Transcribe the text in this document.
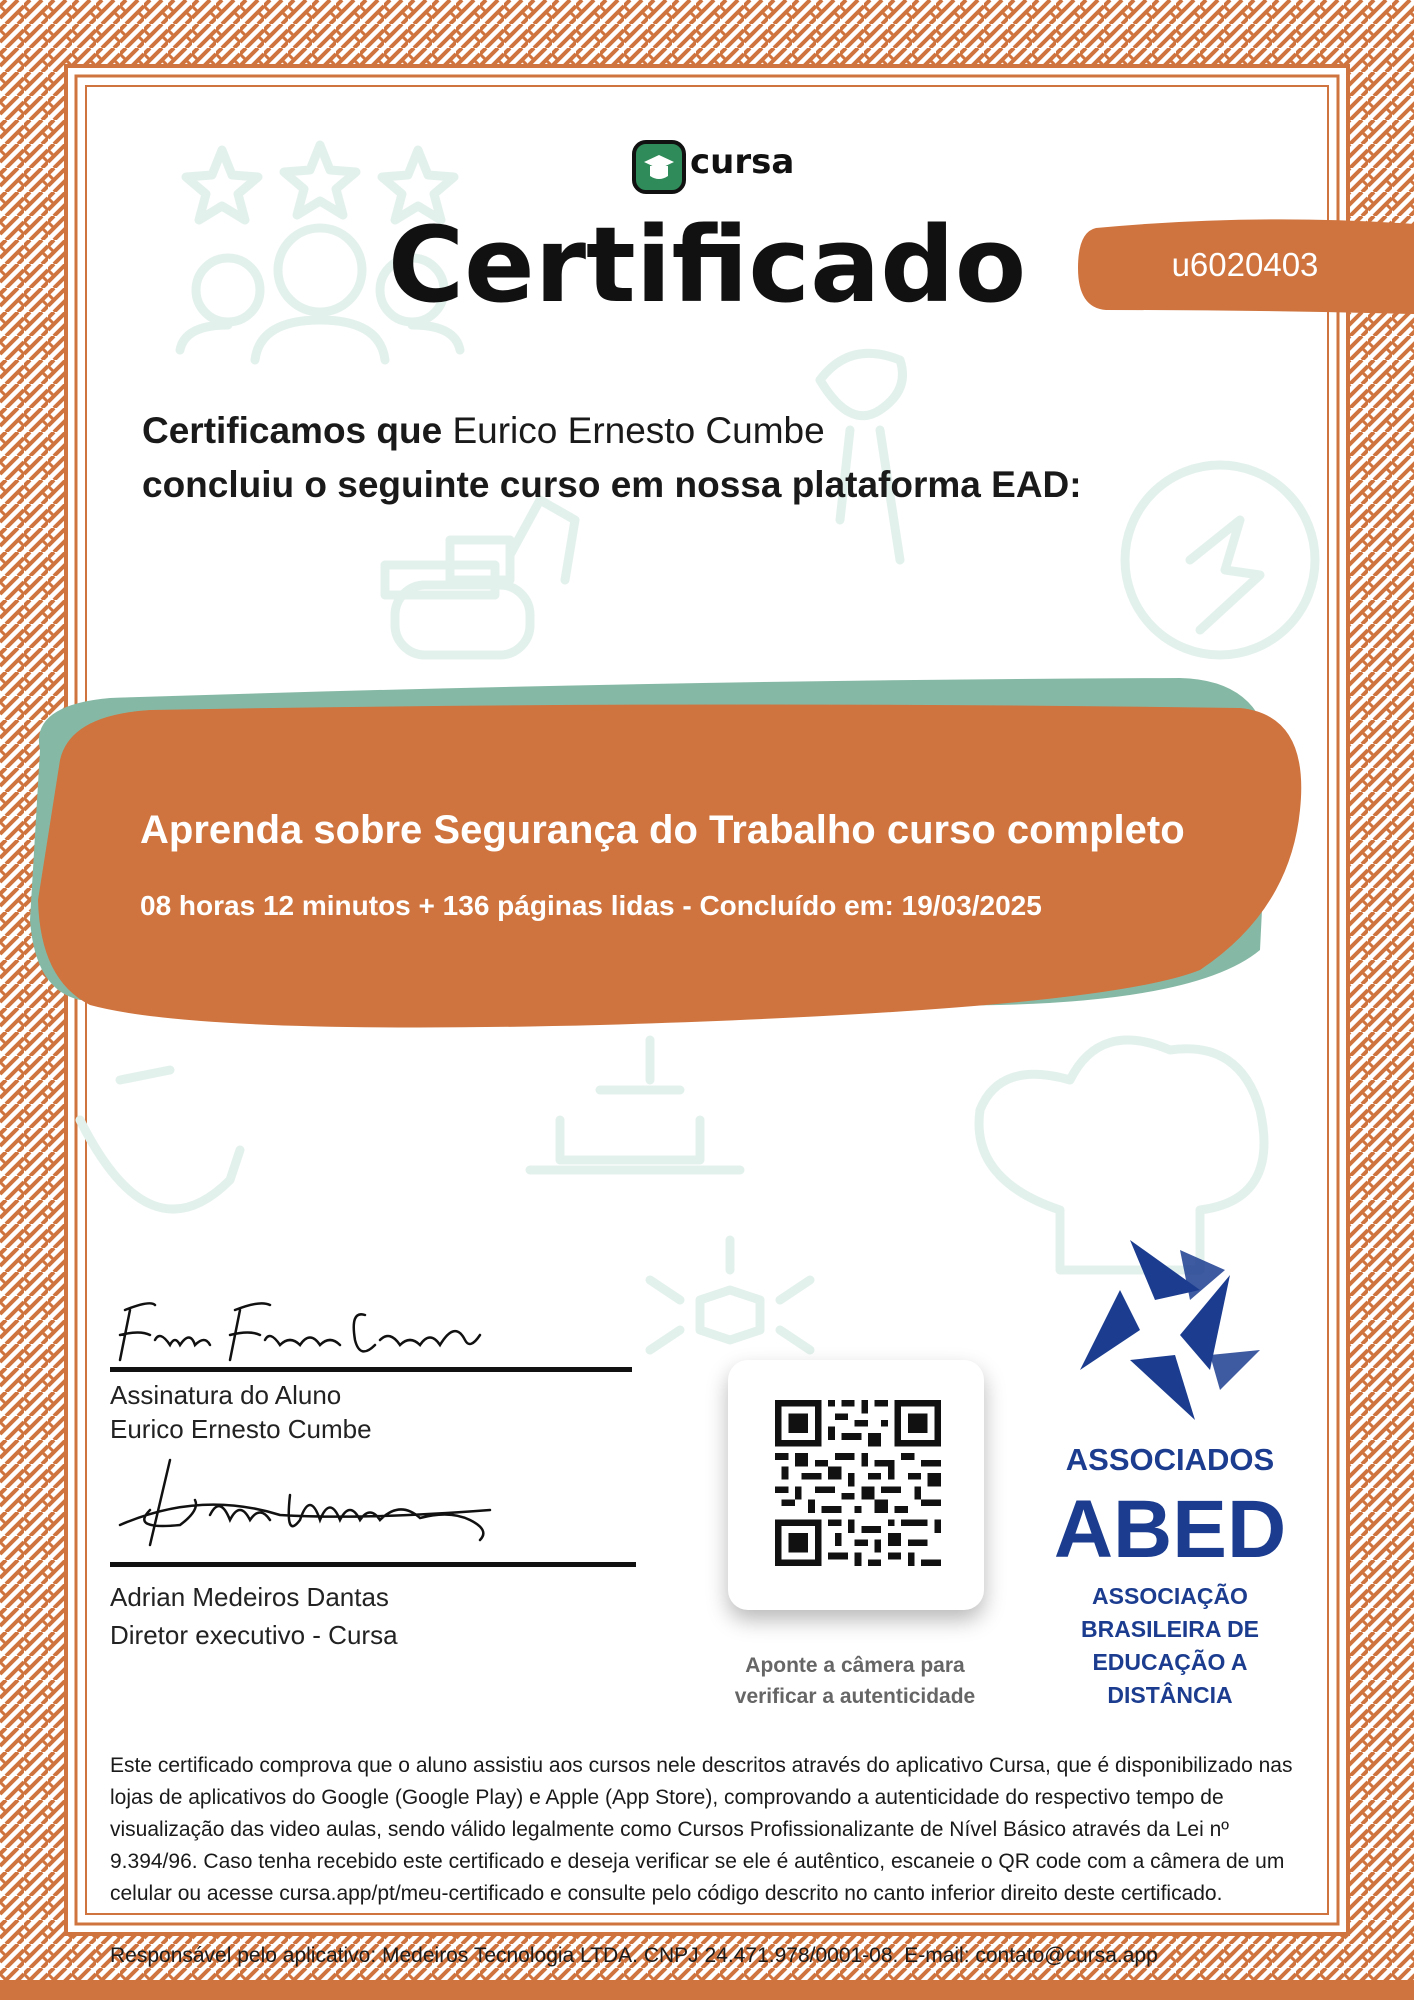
cursa
Certificado	u6020403
Certificamos que Eurico Ernesto Cumbe
concluiu o seguinte curso em nossa plataforma EAD:
Aprenda sobre Segurança do Trabalho curso completo
08 horas 12 minutos + 136 páginas lidas - Concluído em: 19/03/2025
Assinatura do Aluno
Eurico Ernesto Cumbe
Adrian Medeiros Dantas
Diretor executivo - Cursa
Aponte a câmera para
verificar a autenticidade
ASSOCIADOS
ABED
ASSOCIAÇÃO
BRASILEIRA DE
EDUCAÇÃO A
DISTÂNCIA
Este certificado comprova que o aluno assistiu aos cursos nele descritos através do aplicativo Cursa, que é disponibilizado nas lojas de aplicativos do Google (Google Play) e Apple (App Store), comprovando a autenticidade do respectivo tempo de visualização das video aulas, sendo válido legalmente como Cursos Profissionalizante de Nível Básico através da Lei nº 9.394/96. Caso tenha recebido este certificado e deseja verificar se ele é autêntico, escaneie o QR code com a câmera de um celular ou acesse cursa.app/pt/meu-certificado e consulte pelo código descrito no canto inferior direito deste certificado.
Responsável pelo aplicativo: Medeiros Tecnologia LTDA. CNPJ 24.471.978/0001-08. E-mail: contato@cursa.app
